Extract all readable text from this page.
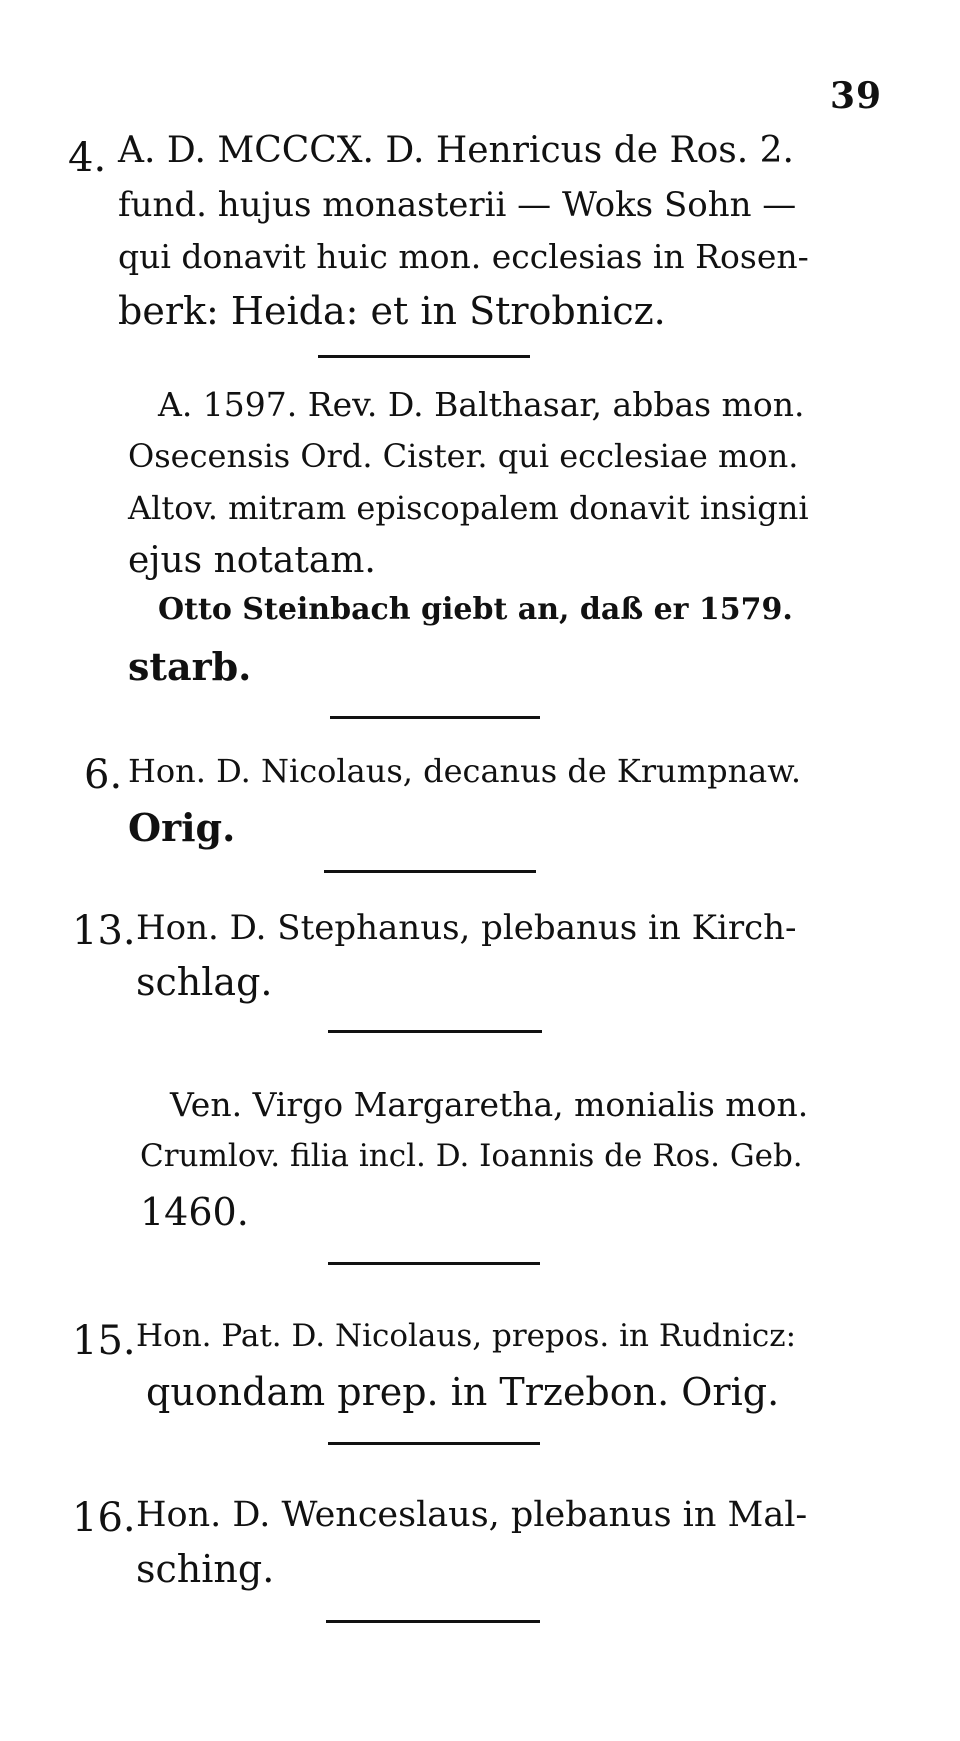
39
4. A. D. MCCCX. D. Henricus de Ros. 2.
fund. hujus monasterii — Woks Sohn —
qui donavit huic mon. ecclesias in Rosen-
berk: Heida: et in Strobnicz.
A. 1597. Rev. D. Balthasar, abbas mon.
Osecensis Ord. Cister. qui ecclesiae mon.
Altov. mitram episcopalem donavit insigni
ejus notatam.
Otto Steinbach giebt an, daß er 1579.
starb.
6. Hon. D. Nicolaus, decanus de Krumpnaw.
Orig.
13. Hon. D. Stephanus, plebanus in Kirch-
schlag.
Ven. Virgo Margaretha, monialis mon.
Crumlov. filia incl. D. Ioannis de Ros. Geb.
1460.
15. Hon. Pat. D. Nicolaus, prepos. in Rudnicz:
quondam prep. in Trzebon. Orig.
16. Hon. D. Wenceslaus, plebanus in Mal-
sching.
